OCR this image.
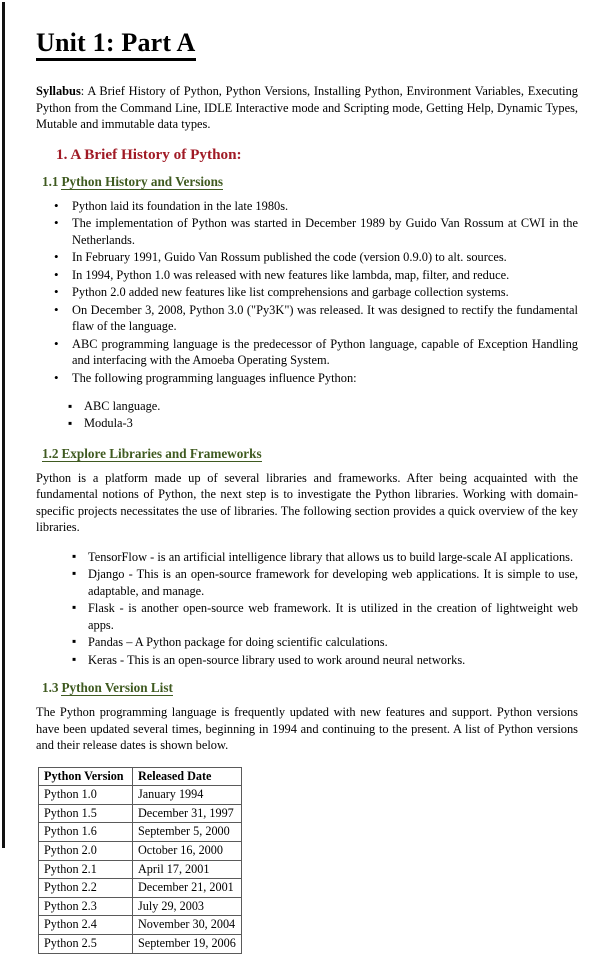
Unit 1: Part A

Syllabus: A Brief History of Python, Python Versions, Installing Python, Environment Variables, Executing Python from the Command Line, IDLE Interactive mode and Scripting mode, Getting Help, Dynamic Types, Mutable and immutable data types.

1. A Brief History of Python:
1.1 Python History and Versions
• Python laid its foundation in the late 1980s.
• The implementation of Python was started in December 1989 by Guido Van Rossum at CWI in the Netherlands.
• In February 1991, Guido Van Rossum published the code (version 0.9.0) to alt. sources.
• In 1994, Python 1.0 was released with new features like lambda, map, filter, and reduce.
• Python 2.0 added new features like list comprehensions and garbage collection systems.
• On December 3, 2008, Python 3.0 ("Py3K") was released. It was designed to rectify the fundamental flaw of the language.
• ABC programming language is the predecessor of Python language, capable of Exception Handling and interfacing with the Amoeba Operating System.
• The following programming languages influence Python:
▪ ABC language.
▪ Modula-3
1.2 Explore Libraries and Frameworks

Python is a platform made up of several libraries and frameworks. After being acquainted with the fundamental notions of Python, the next step is to investigate the Python libraries. Working with domain-specific projects necessitates the use of libraries. The following section provides a quick overview of the key libraries.

▪ TensorFlow - is an artificial intelligence library that allows us to build large-scale AI applications.
▪ Django - This is an open-source framework for developing web applications. It is simple to use, adaptable, and manage.
▪ Flask - is another open-source web framework. It is utilized in the creation of lightweight web apps.
▪ Pandas – A Python package for doing scientific calculations.
▪ Keras - This is an open-source library used to work around neural networks.
1.3 Python Version List

The Python programming language is frequently updated with new features and support. Python versions have been updated several times, beginning in 1994 and continuing to the present. A list of Python versions and their release dates is shown below.

Python Version	Released Date
Python 1.0	January 1994
Python 1.5	December 31, 1997
Python 1.6	September 5, 2000
Python 2.0	October 16, 2000
Python 2.1	April 17, 2001
Python 2.2	December 21, 2001
Python 2.3	July 29, 2003
Python 2.4	November 30, 2004
Python 2.5	September 19, 2006
